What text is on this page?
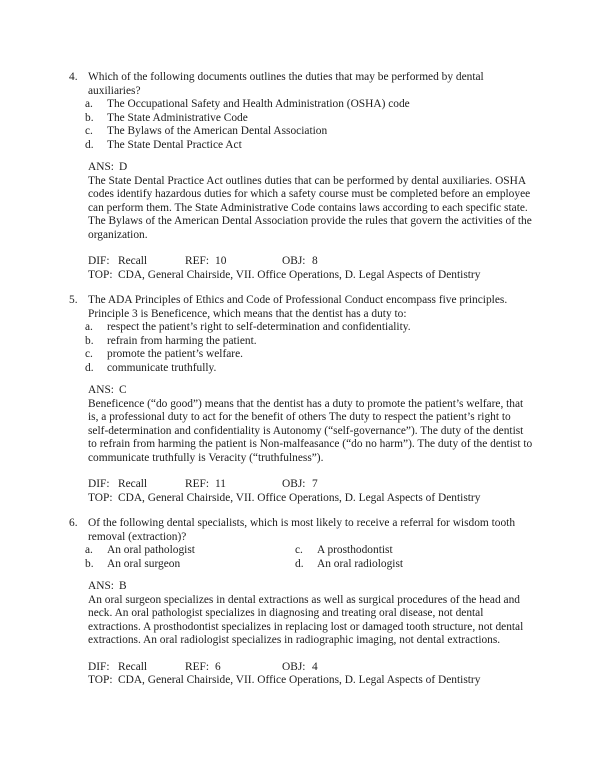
4. Which of the following documents outlines the duties that may be performed by dental auxiliaries?
a.	The Occupational Safety and Health Administration (OSHA) code
b.	The State Administrative Code
c.	The Bylaws of the American Dental Association
d.	The State Dental Practice Act
ANS: D
The State Dental Practice Act outlines duties that can be performed by dental auxiliaries. OSHA codes identify hazardous duties for which a safety course must be completed before an employee can perform them. The State Administrative Code contains laws according to each specific state. The Bylaws of the American Dental Association provide the rules that govern the activities of the organization.
DIF: Recall	REF: 10	OBJ: 8
TOP: CDA, General Chairside, VII. Office Operations, D. Legal Aspects of Dentistry
5. The ADA Principles of Ethics and Code of Professional Conduct encompass five principles. Principle 3 is Beneficence, which means that the dentist has a duty to:
a.	respect the patient’s right to self-determination and confidentiality.
b.	refrain from harming the patient.
c.	promote the patient’s welfare.
d.	communicate truthfully.
ANS: C
Beneficence (“do good”) means that the dentist has a duty to promote the patient’s welfare, that is, a professional duty to act for the benefit of others The duty to respect the patient’s right to self-determination and confidentiality is Autonomy (“self-governance”). The duty of the dentist to refrain from harming the patient is Non-malfeasance (“do no harm”). The duty of the dentist to communicate truthfully is Veracity (“truthfulness”).
DIF: Recall	REF: 11	OBJ: 7
TOP: CDA, General Chairside, VII. Office Operations, D. Legal Aspects of Dentistry
6. Of the following dental specialists, which is most likely to receive a referral for wisdom tooth removal (extraction)?
a.	An oral pathologist	c.	A prosthodontist
b.	An oral surgeon	d.	An oral radiologist
ANS: B
An oral surgeon specializes in dental extractions as well as surgical procedures of the head and neck. An oral pathologist specializes in diagnosing and treating oral disease, not dental extractions. A prosthodontist specializes in replacing lost or damaged tooth structure, not dental extractions. An oral radiologist specializes in radiographic imaging, not dental extractions.
DIF: Recall	REF: 6	OBJ: 4
TOP: CDA, General Chairside, VII. Office Operations, D. Legal Aspects of Dentistry
